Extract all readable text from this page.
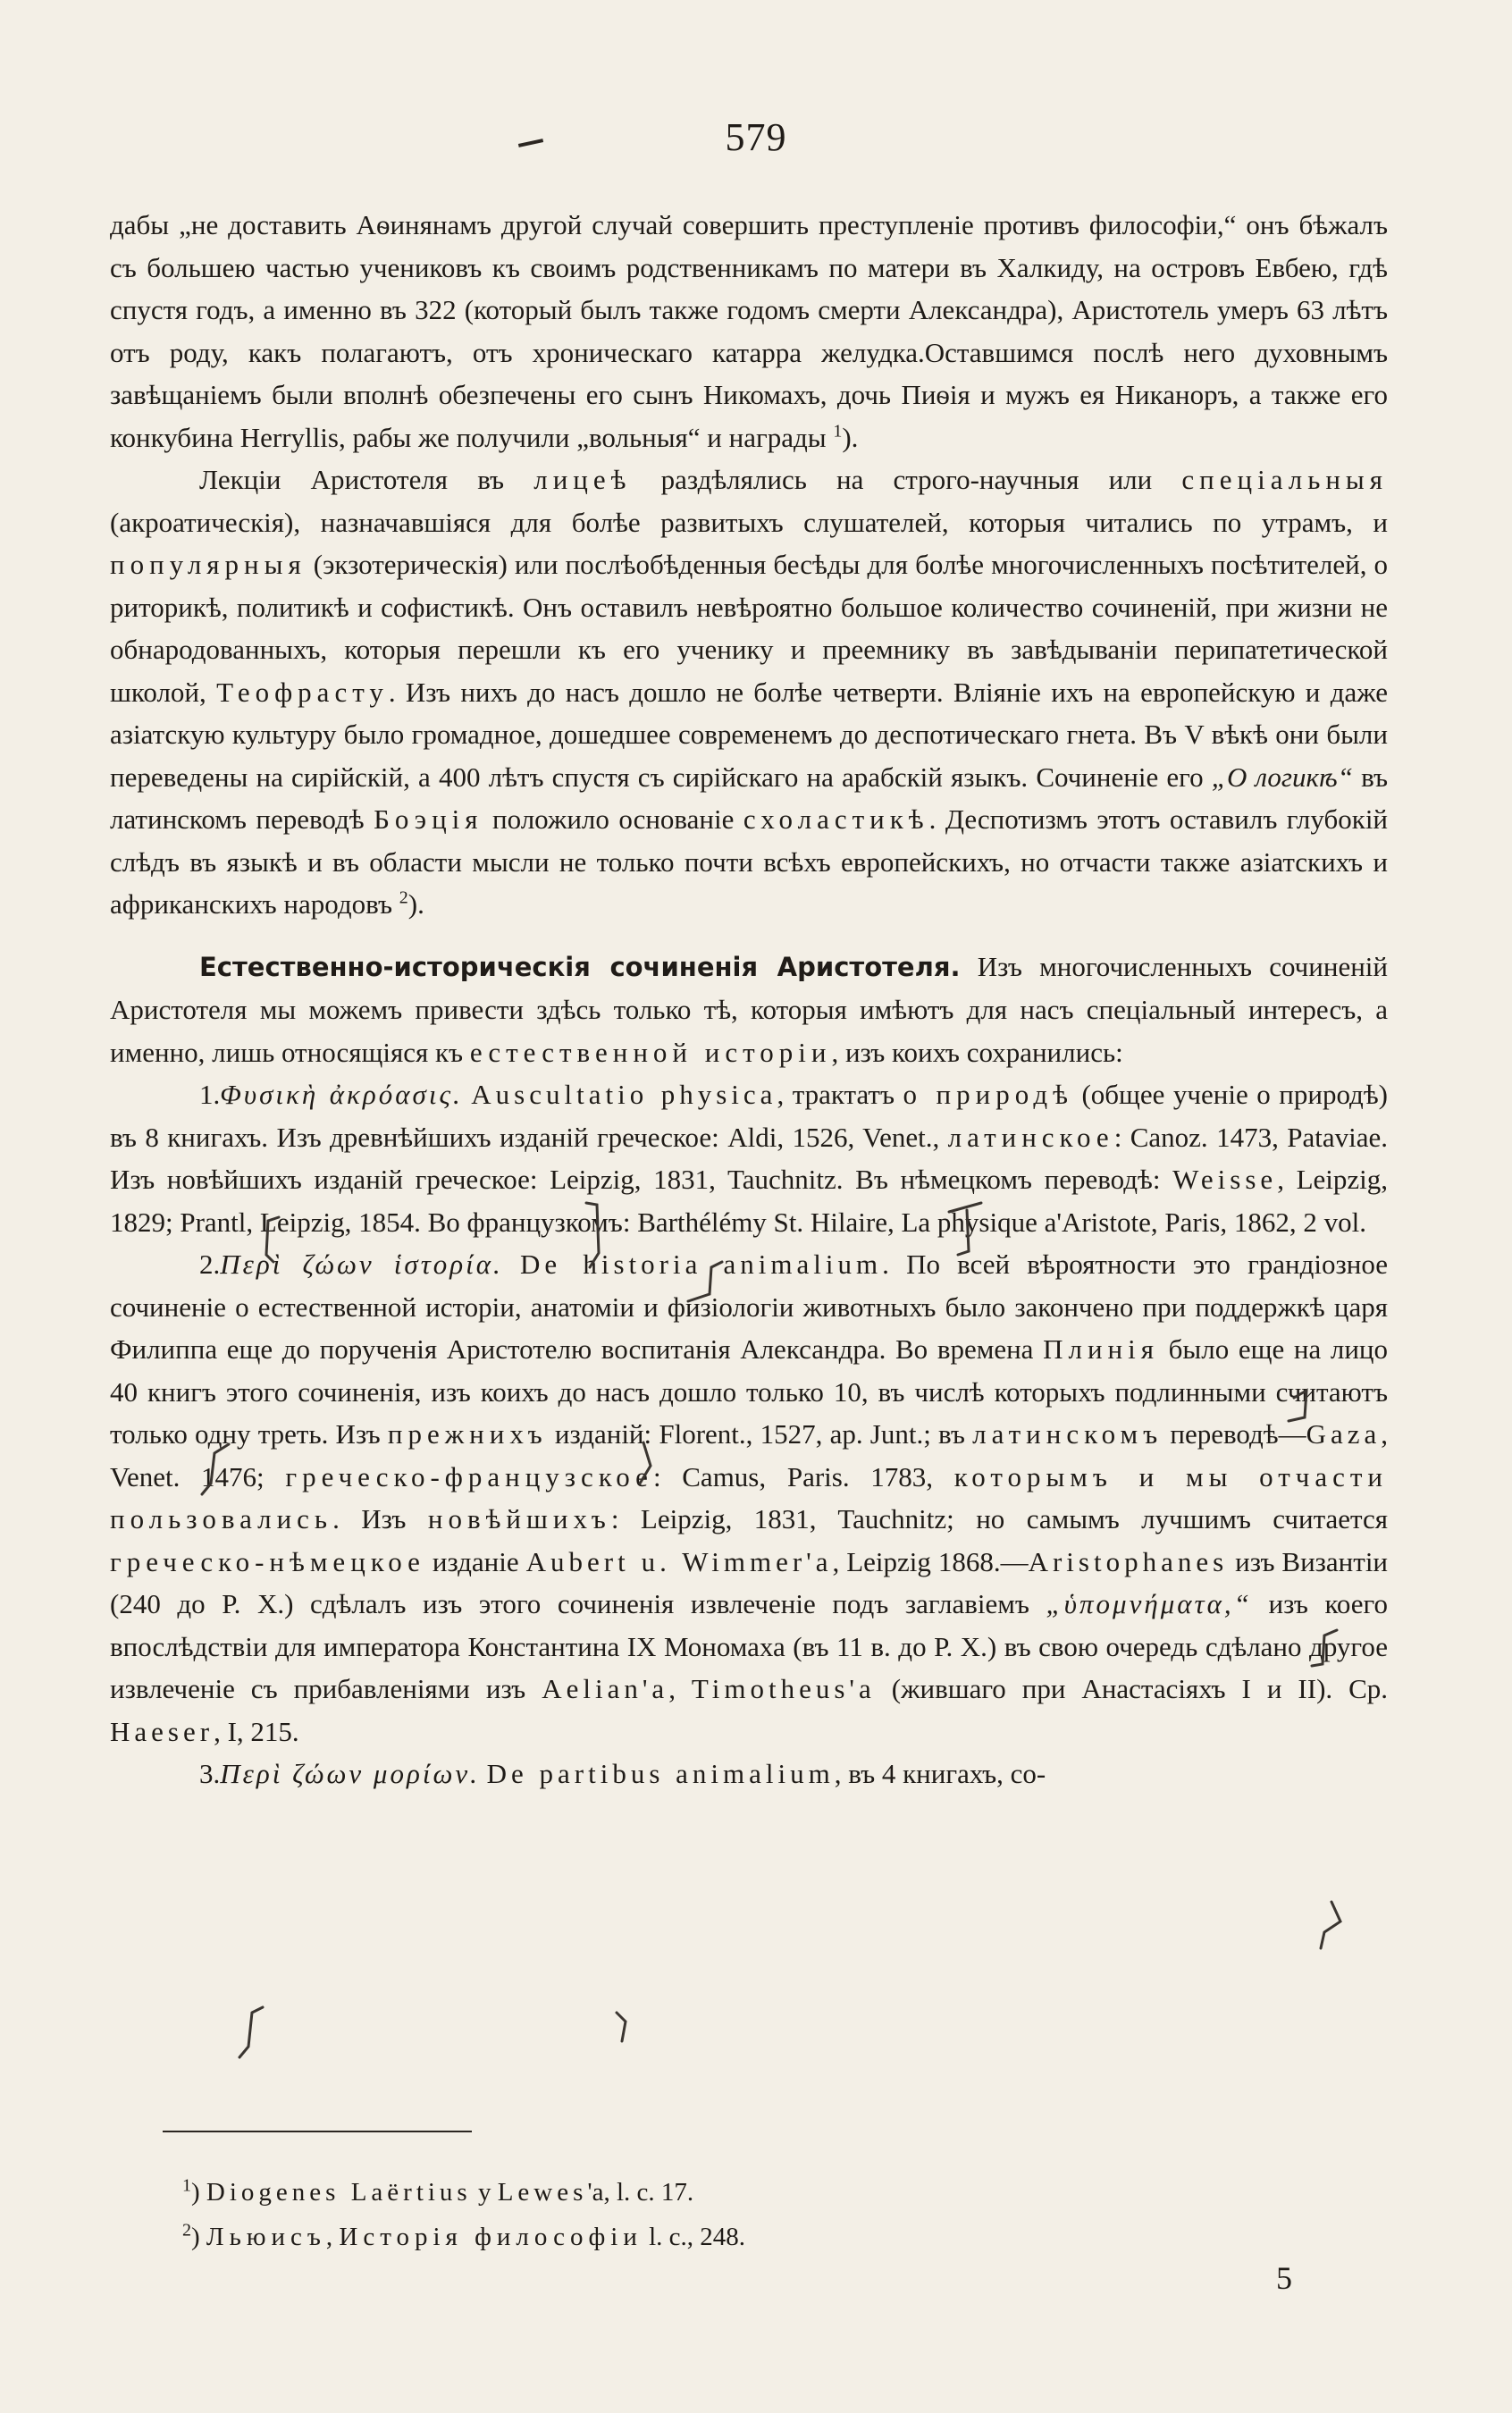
579

дабы „не доставить Аѳинянамъ другой случай совершить преступленіе противъ философіи,“ онъ бѣжалъ съ большею частью учениковъ къ своимъ родственникамъ по матери въ Халкиду, на островъ Евбею, гдѣ спустя годъ, а именно въ 322 (который былъ также годомъ смерти Александра), Аристотель умеръ 63 лѣтъ отъ роду, какъ полагаютъ, отъ хроническаго катарра желудка.Оставшимся послѣ него духовнымъ завѣщаніемъ были вполнѣ обезпечены его сынъ Никомахъ, дочь Пиѳія и мужъ ея Никаноръ, а также его конкубина Herryllis, рабы же получили „вольныя“ и награды $^1$).

Лекціи Аристотеля въ лицеѣ раздѣлялись на строго-научныя или спеціальныя (акроатическія), назначавшіяся для болѣе развитыхъ слушателей, которыя читались по утрамъ, и популярныя (экзотерическія) или послѣобѣденныя бесѣды для болѣе многочисленныхъ посѣтителей, о риторикѣ, политикѣ и софистикѣ. Онъ оставилъ невѣроятно большое количество сочиненій, при жизни не обнародованныхъ, которыя перешли къ его ученику и преемнику въ завѣдываніи перипатетической школой, Теофрасту. Изъ нихъ до насъ дошло не болѣе четверти. Вліяніе ихъ на европейскую и даже азіатскую культуру было громадное, дошедшее современемъ до деспотическаго гнета. Въ V вѣкѣ они были переведены на сирійскій, а 400 лѣтъ спустя съ сирійскаго на арабскій языкъ. Сочиненіе его „О логикѣ“ въ латинскомъ переводѣ Боэція положило основаніе схоластикѣ. Деспотизмъ этотъ оставилъ глубокій слѣдъ въ языкѣ и въ области мысли не только почти всѣхъ европейскихъ, но отчасти также азіатскихъ и африканскихъ народовъ $^2$).

Естественно-историческія сочиненія Аристотеля. Изъ многочисленныхъ сочиненій Аристотеля мы можемъ привести здѣсь только тѣ, которыя имѣютъ для насъ спеціальный интересъ, а именно, лишь относящіяся къ естественной исторіи, изъ коихъ сохранились:

1.Φυσικὴ ἀκρόασις. Auscultatio physica, трактатъ о природѣ (общее ученіе о природѣ) въ 8 книгахъ. Изъ древнѣйшихъ изданій греческое: Aldi, 1526, Venet., латинское: Canoz. 1473, Pataviae. Изъ новѣйшихъ изданій греческое: Leipzig, 1831, Tauchnitz. Въ нѣмецкомъ переводѣ: Weisse, Leipzig, 1829; Prantl, Leipzig, 1854. Во французкомъ: Barthélémy St. Hilaire, La physique a'Aristote, Paris, 1862, 2 vol.

2.Περὶ ζώων ἱστορία. De historia animalium. По всей вѣроятности это грандіозное сочиненіе о естественной исторіи, анатоміи и физіологіи животныхъ было закончено при поддержкѣ царя Филиппа еще до порученія Аристотелю воспитанія Александра. Во времена Плинія было еще на лицо 40 книгъ этого сочиненія, изъ коихъ до насъ дошло только 10, въ числѣ которыхъ подлинными считаютъ только одну треть. Изъ прежнихъ изданій: Florent., 1527, ap. Junt.; въ латинскомъ переводѣ—Gaza, Venet. 1476; греческо-французское: Camus, Paris. 1783, которымъ и мы отчасти пользовались. Изъ новѣйшихъ: Leipzig, 1831, Tauchnitz; но самымъ лучшимъ считается греческо-нѣмецкое изданіе Aubert u. Wimmer'a, Leipzig 1868.—Aristophanes изъ Византіи (240 до Р. Х.) сдѣлалъ изъ этого сочиненія извлеченіе подъ заглавіемъ „ὑπομνήματα,“ изъ коего впослѣдствіи для императора Константина IX Мономаха (въ 11 в. до Р. Х.) въ свою очередь сдѣлано другое извлеченіе съ прибавленіями изъ Aelian'a, Timotheus'a (жившаго при Анастасіяхъ I и II). Ср. Haeser, I, 215.

3.Περὶ ζώων μορίων. De partibus animalium, въ 4 книгахъ, со-

$^1$) Diogenes Laërtius у Lewes'a, l. c. 17.

$^2$) Льюисъ, Исторія философіи l. c., 248.

5
